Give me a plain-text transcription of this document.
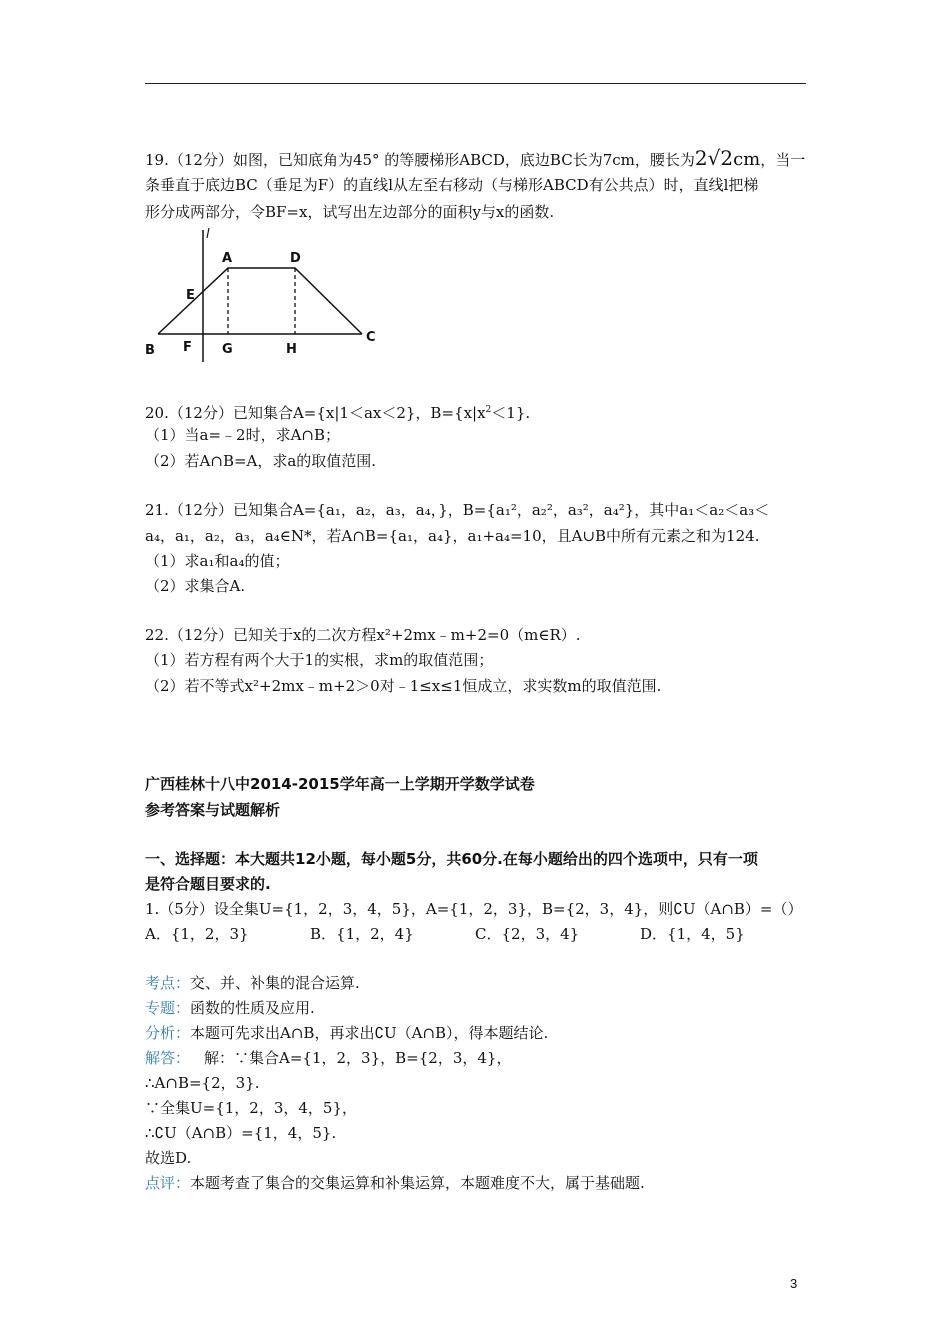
19.（12分）如图，已知底角为45° 的等腰梯形ABCD，底边BC长为7cm，腰长为2√2cm，当一
条垂直于底边BC（垂足为F）的直线l从左至右移动（与梯形ABCD有公共点）时，直线l把梯
形分成两部分，令BF=x，试写出左边部分的面积y与x的函数.
l
A	D
E
B F G	H
C
20.（12分）已知集合A={x|1＜ax＜2}，$B=\{x|x^2<1\}$.
（1）当a=﹣2时，求A∩B；
（2）若A∩B=A，求a的取值范围.
21.（12分）已知集合A={a₁，a₂，a₃，a₄，}，B={a₁²，a₂²，a₃²，a₄²}，其中a₁＜a₂＜a₃＜
a₄，a₁，a₂，a₃，a₄∈N*，若A∩B={a₁，a₄}，a₁+a₄=10，且A∪B中所有元素之和为124.
（1）求a₁和a₄的值；
（2）求集合A.
22.（12分）已知关于x的二次方程x²+2mx﹣m+2=0（m∈R）.
（1）若方程有两个大于1的实根，求m的取值范围；
（2）若不等式x²+2mx﹣m+2＞0对﹣1≤x≤1恒成立，求实数m的取值范围.
广西桂林十八中2014-2015学年高一上学期开学数学试卷
参考答案与试题解析
一、选择题：本大题共12小题，每小题5分，共60分.在每小题给出的四个选项中，只有一项
是符合题目要求的.
1.（5分）设全集U={1，2，3，4，5}，A={1，2，3}，B={2，3，4}，则∁U（A∩B）=（）
A．{1，2，3}	B．{1，2，4}	C．{2，3，4}	D．{1，4，5}
考点：交、并、补集的混合运算.
专题：函数的性质及应用.
分析：本题可先求出A∩B，再求出∁U（A∩B），得本题结论.
解答： 解：∵集合A={1，2，3}，B={2，3，4}，
∴A∩B={2，3}.
∵全集U={1，2，3，4，5}，
∴∁U（A∩B）={1，4，5}.
故选D.
点评：本题考查了集合的交集运算和补集运算，本题难度不大，属于基础题.
3
